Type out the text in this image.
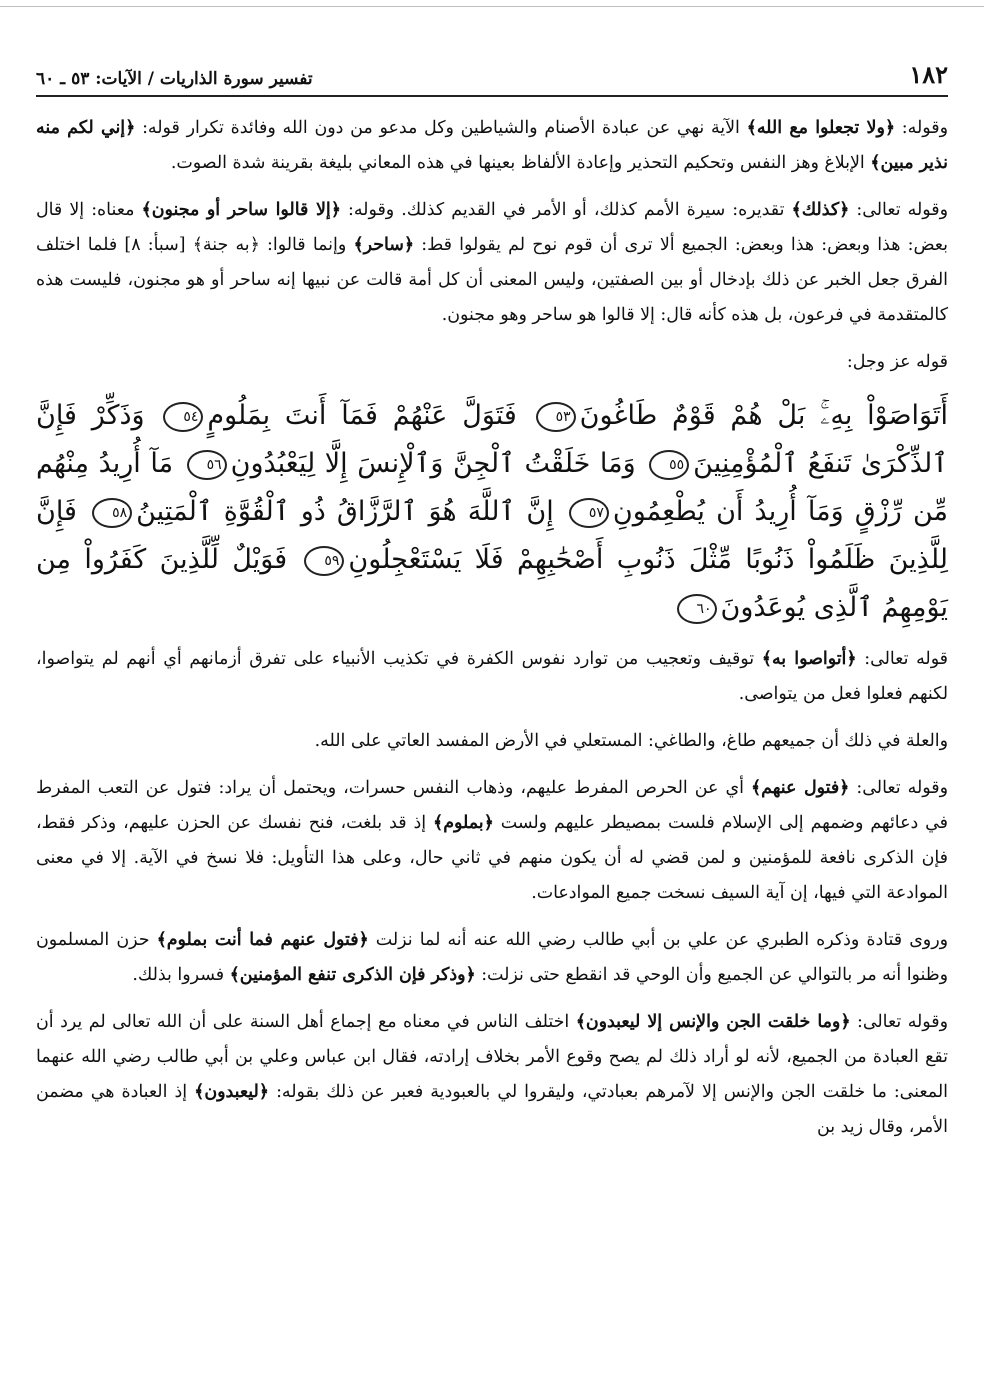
١٨٢
تفسير سورة الذاريات / الآيات: ٥٣ ـ ٦٠

وقوله: ﴿ولا تجعلوا مع الله﴾ الآية نهي عن عبادة الأصنام والشياطين وكل مدعو من دون الله وفائدة تكرار قوله: ﴿إني لكم منه نذير مبين﴾ الإبلاغ وهز النفس وتحكيم التحذير وإعادة الألفاظ بعينها في هذه المعاني بليغة بقرينة شدة الصوت.

وقوله تعالى: ﴿كذلك﴾ تقديره: سيرة الأمم كذلك، أو الأمر في القديم كذلك. وقوله: ﴿إلا قالوا ساحر أو مجنون﴾ معناه: إلا قال بعض: هذا وبعض: هذا وبعض: الجميع ألا ترى أن قوم نوح لم يقولوا قط: ﴿ساحر﴾ وإنما قالوا: ﴿به جنة﴾ [سبأ: ٨] فلما اختلف الفرق جعل الخبر عن ذلك بإدخال أو بين الصفتين، وليس المعنى أن كل أمة قالت عن نبيها إنه ساحر أو هو مجنون، فليست هذه كالمتقدمة في فرعون، بل هذه كأنه قال: إلا قالوا هو ساحر وهو مجنون.

قوله عز وجل:

أَتَوَاصَوْاْ بِهِۦۚ بَلْ هُمْ قَوْمٌ طَاغُونَ٥٣ فَتَوَلَّ عَنْهُمْ فَمَآ أَنتَ بِمَلُومٍ٥٤ وَذَكِّرْ فَإِنَّ ٱلذِّكْرَىٰ تَنفَعُ ٱلْمُؤْمِنِينَ٥٥ وَمَا خَلَقْتُ ٱلْجِنَّ وَٱلْإِنسَ إِلَّا لِيَعْبُدُونِ٥٦ مَآ أُرِيدُ مِنْهُم مِّن رِّزْقٍ وَمَآ أُرِيدُ أَن يُطْعِمُونِ٥٧ إِنَّ ٱللَّهَ هُوَ ٱلرَّزَّاقُ ذُو ٱلْقُوَّةِ ٱلْمَتِينُ٥٨ فَإِنَّ لِلَّذِينَ ظَلَمُواْ ذَنُوبًا مِّثْلَ ذَنُوبِ أَصْحَٰبِهِمْ فَلَا يَسْتَعْجِلُونِ٥٩ فَوَيْلٌ لِّلَّذِينَ كَفَرُواْ مِن يَوْمِهِمُ ٱلَّذِى يُوعَدُونَ٦٠

قوله تعالى: ﴿أتواصوا به﴾ توقيف وتعجيب من توارد نفوس الكفرة في تكذيب الأنبياء على تفرق أزمانهم أي أنهم لم يتواصوا، لكنهم فعلوا فعل من يتواصى.

والعلة في ذلك أن جميعهم طاغ، والطاغي: المستعلي في الأرض المفسد العاتي على الله.

وقوله تعالى: ﴿فتول عنهم﴾ أي عن الحرص المفرط عليهم، وذهاب النفس حسرات، ويحتمل أن يراد: فتول عن التعب المفرط في دعائهم وضمهم إلى الإسلام فلست بمصيطر عليهم ولست ﴿بملوم﴾ إذ قد بلغت، فنح نفسك عن الحزن عليهم، وذكر فقط، فإن الذكرى نافعة للمؤمنين و لمن قضي له أن يكون منهم في ثاني حال، وعلى هذا التأويل: فلا نسخ في الآية. إلا في معنى الموادعة التي فيها، إن آية السيف نسخت جميع الموادعات.

وروى قتادة وذكره الطبري عن علي بن أبي طالب رضي الله عنه أنه لما نزلت ﴿فتول عنهم فما أنت بملوم﴾ حزن المسلمون وظنوا أنه مر بالتوالي عن الجميع وأن الوحي قد انقطع حتى نزلت: ﴿وذكر فإن الذكرى تنفع المؤمنين﴾ فسروا بذلك.

وقوله تعالى: ﴿وما خلقت الجن والإنس إلا ليعبدون﴾ اختلف الناس في معناه مع إجماع أهل السنة على أن الله تعالى لم يرد أن تقع العبادة من الجميع، لأنه لو أراد ذلك لم يصح وقوع الأمر بخلاف إرادته، فقال ابن عباس وعلي بن أبي طالب رضي الله عنهما المعنى: ما خلقت الجن والإنس إلا لآمرهم بعبادتي، وليقروا لي بالعبودية فعبر عن ذلك بقوله: ﴿ليعبدون﴾ إذ العبادة هي مضمن الأمر، وقال زيد بن
